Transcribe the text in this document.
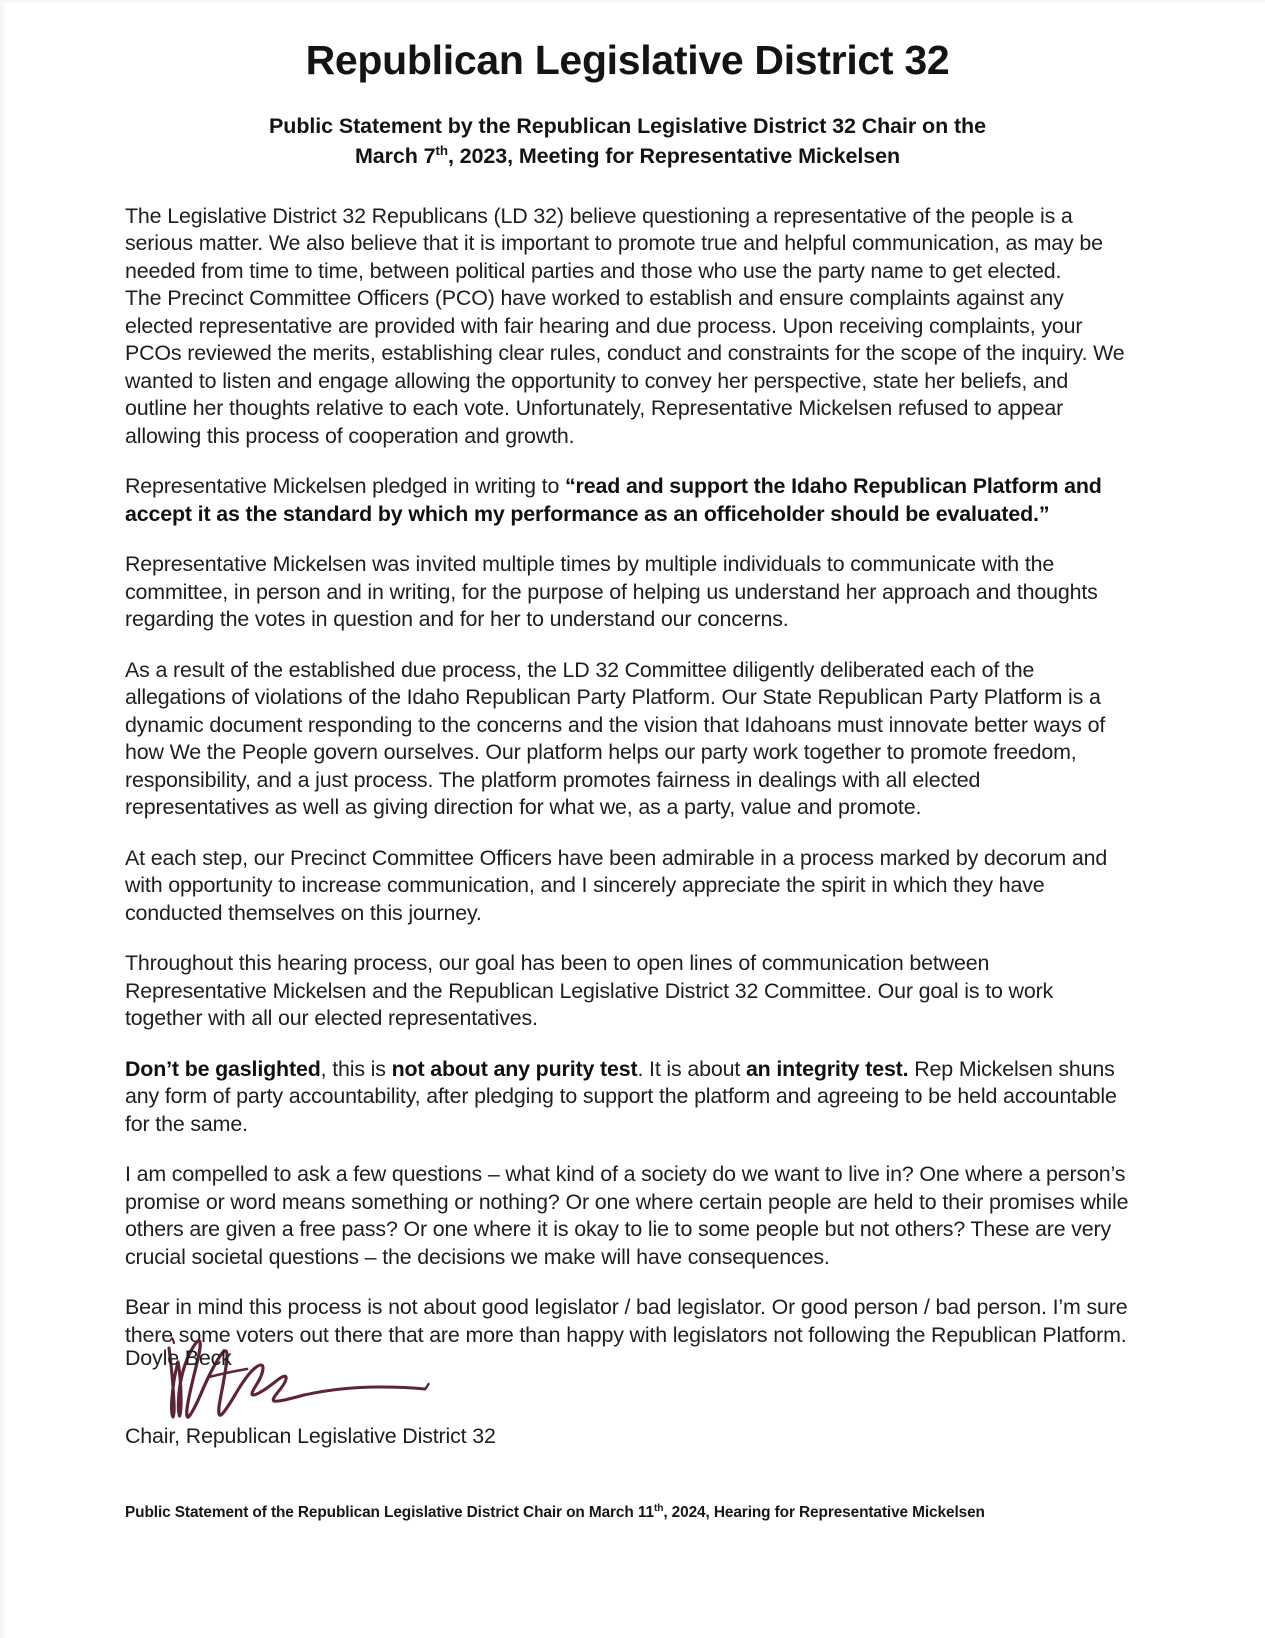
Republican Legislative District 32
Public Statement by the Republican Legislative District 32 Chair on the
March 7th, 2023, Meeting for Representative Mickelsen

The Legislative District 32 Republicans (LD 32) believe questioning a representative of the people is a serious matter. We also believe that it is important to promote true and helpful communication, as may be needed from time to time, between political parties and those who use the party name to get elected.

The Precinct Committee Officers (PCO) have worked to establish and ensure complaints against any elected representative are provided with fair hearing and due process. Upon receiving complaints, your PCOs reviewed the merits, establishing clear rules, conduct and constraints for the scope of the inquiry. We wanted to listen and engage allowing the opportunity to convey her perspective, state her beliefs, and outline her thoughts relative to each vote. Unfortunately, Representative Mickelsen refused to appear allowing this process of cooperation and growth.

Representative Mickelsen pledged in writing to “read and support the Idaho Republican Platform and accept it as the standard by which my performance as an officeholder should be evaluated.”

Representative Mickelsen was invited multiple times by multiple individuals to communicate with the committee, in person and in writing, for the purpose of helping us understand her approach and thoughts regarding the votes in question and for her to understand our concerns.

As a result of the established due process, the LD 32 Committee diligently deliberated each of the allegations of violations of the Idaho Republican Party Platform. Our State Republican Party Platform is a dynamic document responding to the concerns and the vision that Idahoans must innovate better ways of how We the People govern ourselves. Our platform helps our party work together to promote freedom, responsibility, and a just process. The platform promotes fairness in dealings with all elected representatives as well as giving direction for what we, as a party, value and promote.

At each step, our Precinct Committee Officers have been admirable in a process marked by decorum and with opportunity to increase communication, and I sincerely appreciate the spirit in which they have conducted themselves on this journey.

Throughout this hearing process, our goal has been to open lines of communication between Representative Mickelsen and the Republican Legislative District 32 Committee. Our goal is to work together with all our elected representatives.

Don’t be gaslighted, this is not about any purity test. It is about an integrity test. Rep Mickelsen shuns any form of party accountability, after pledging to support the platform and agreeing to be held accountable for the same.

I am compelled to ask a few questions – what kind of a society do we want to live in? One where a person’s promise or word means something or nothing? Or one where certain people are held to their promises while others are given a free pass? Or one where it is okay to lie to some people but not others? These are very crucial societal questions – the decisions we make will have consequences.

Bear in mind this process is not about good legislator / bad legislator. Or good person / bad person. I’m sure there some voters out there that are more than happy with legislators not following the Republican Platform.

Doyle Beck

Chair, Republican Legislative District 32

Public Statement of the Republican Legislative District Chair on March 11th, 2024, Hearing for Representative Mickelsen
